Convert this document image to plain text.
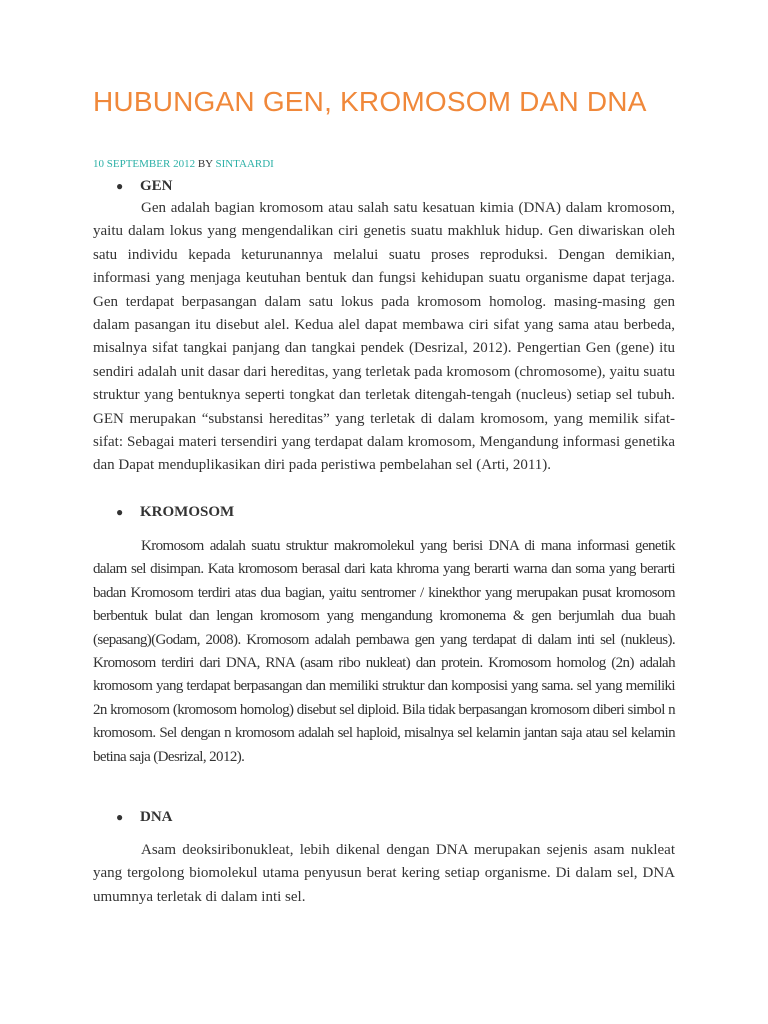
HUBUNGAN GEN, KROMOSOM DAN DNA
10 SEPTEMBER 2012 BY SINTAARDI
● GEN

Gen adalah bagian kromosom atau salah satu kesatuan kimia (DNA) dalam kromosom, yaitu dalam lokus yang mengendalikan ciri genetis suatu makhluk hidup. Gen diwariskan oleh satu individu kepada keturunannya melalui suatu proses reproduksi. Dengan demikian, informasi yang menjaga keutuhan bentuk dan fungsi kehidupan suatu organisme dapat terjaga. Gen terdapat berpasangan dalam satu lokus pada kromosom homolog. masing-masing gen dalam pasangan itu disebut alel. Kedua alel dapat membawa ciri sifat yang sama atau berbeda, misalnya sifat tangkai panjang dan tangkai pendek (Desrizal, 2012). Pengertian Gen (gene) itu sendiri adalah unit dasar dari hereditas, yang terletak pada kromosom (chromosome), yaitu suatu struktur yang bentuknya seperti tongkat dan terletak ditengah-tengah (nucleus) setiap sel tubuh. GEN merupakan “substansi hereditas” yang terletak di dalam kromosom, yang memilik sifat-sifat: Sebagai materi tersendiri yang terdapat dalam kromosom, Mengandung informasi genetika dan Dapat menduplikasikan diri pada peristiwa pembelahan sel (Arti, 2011).

● KROMOSOM

Kromosom adalah suatu struktur makromolekul yang berisi DNA di mana informasi genetik dalam sel disimpan. Kata kromosom berasal dari kata khroma yang berarti warna dan soma yang berarti badan Kromosom terdiri atas dua bagian, yaitu sentromer / kinekthor yang merupakan pusat kromosom berbentuk bulat dan lengan kromosom yang mengandung kromonema & gen berjumlah dua buah (sepasang)(Godam, 2008). Kromosom adalah pembawa gen yang terdapat di dalam inti sel (nukleus). Kromosom terdiri dari DNA, RNA (asam ribo nukleat) dan protein. Kromosom homolog (2n) adalah kromosom yang terdapat berpasangan dan memiliki struktur dan komposisi yang sama. sel yang memiliki 2n kromosom (kromosom homolog) disebut sel diploid. Bila tidak berpasangan kromosom diberi simbol n kromosom. Sel dengan n kromosom adalah sel haploid, misalnya sel kelamin jantan saja atau sel kelamin betina saja (Desrizal, 2012).

● DNA

Asam deoksiribonukleat, lebih dikenal dengan DNA merupakan sejenis asam nukleat yang tergolong biomolekul utama penyusun berat kering setiap organisme. Di dalam sel, DNA umumnya terletak di dalam inti sel.
